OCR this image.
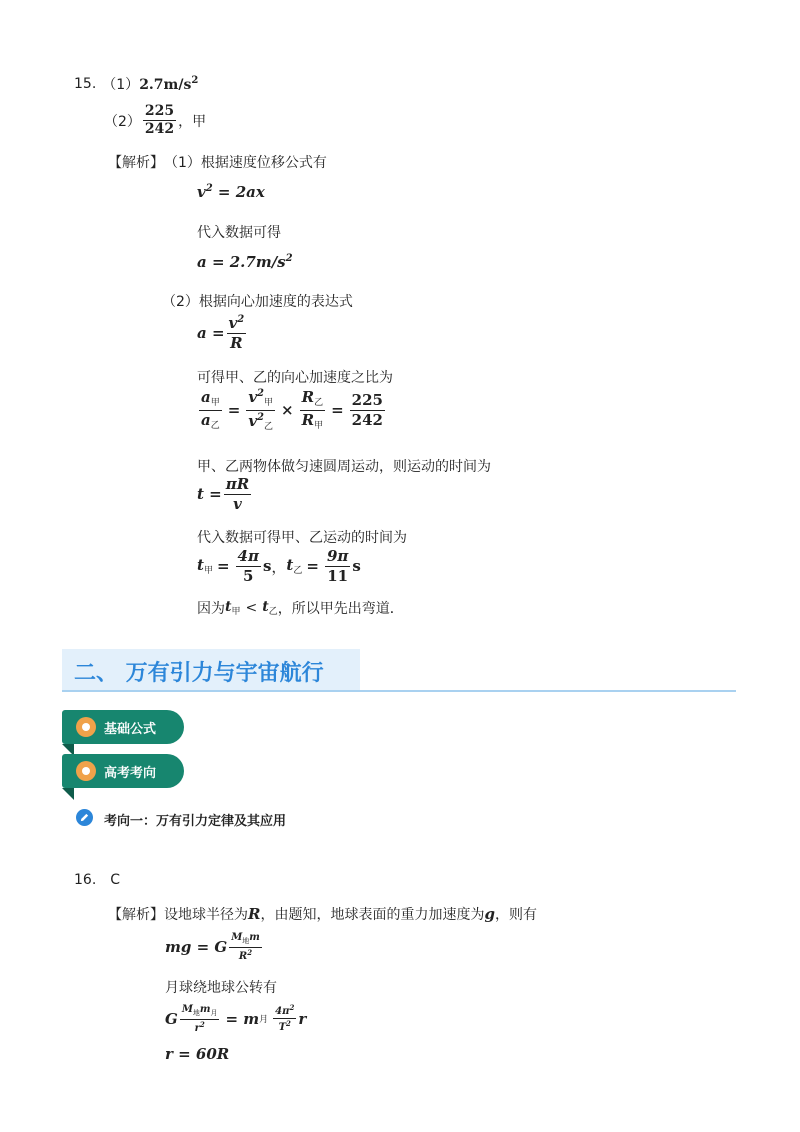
15. （1） $2.7m/s^2$
$(2) \frac{225}{242}$ ，甲
【解析】 （1） 根据速度位移公式有
$v^2 = 2ax$
代入数据可得
$a = 2.7m/s^2$
（2） 根据向心加速度的表达式
$a = \frac{v^2}{R}$
可得甲、乙的向心加速度之比为
$\frac{a_甲}{a_乙} = \frac{v^2_甲}{v^2_乙} \times \frac{R_乙}{R_甲} = \frac{225}{242}$
甲、乙两物体做匀速圆周运动，则运动的时间为
$t = \frac{\pi R}{v}$
代入数据可得甲、乙运动的时间为
$t_甲 = \frac{4\pi}{5}$ s ， $t_乙 = \frac{9\pi}{11}$ s
因为 $t_甲 < t_乙$ ，所以甲先出弯道．
二、 万有引力与宇宙航行
基础公式
高考考向
考向一：万有引力定律及其应用
16. C
【解析】 设地球半径为 R ，由题知，地球表面的重力加速度为 g ，则有
mg = G $\frac{M_地m}{R^2}$
月球绕地球公转有
G $\frac{M_地m_月}{r^2} = m$ 月 $\frac{4\pi^2}{T^2}$ r
r = 60R
